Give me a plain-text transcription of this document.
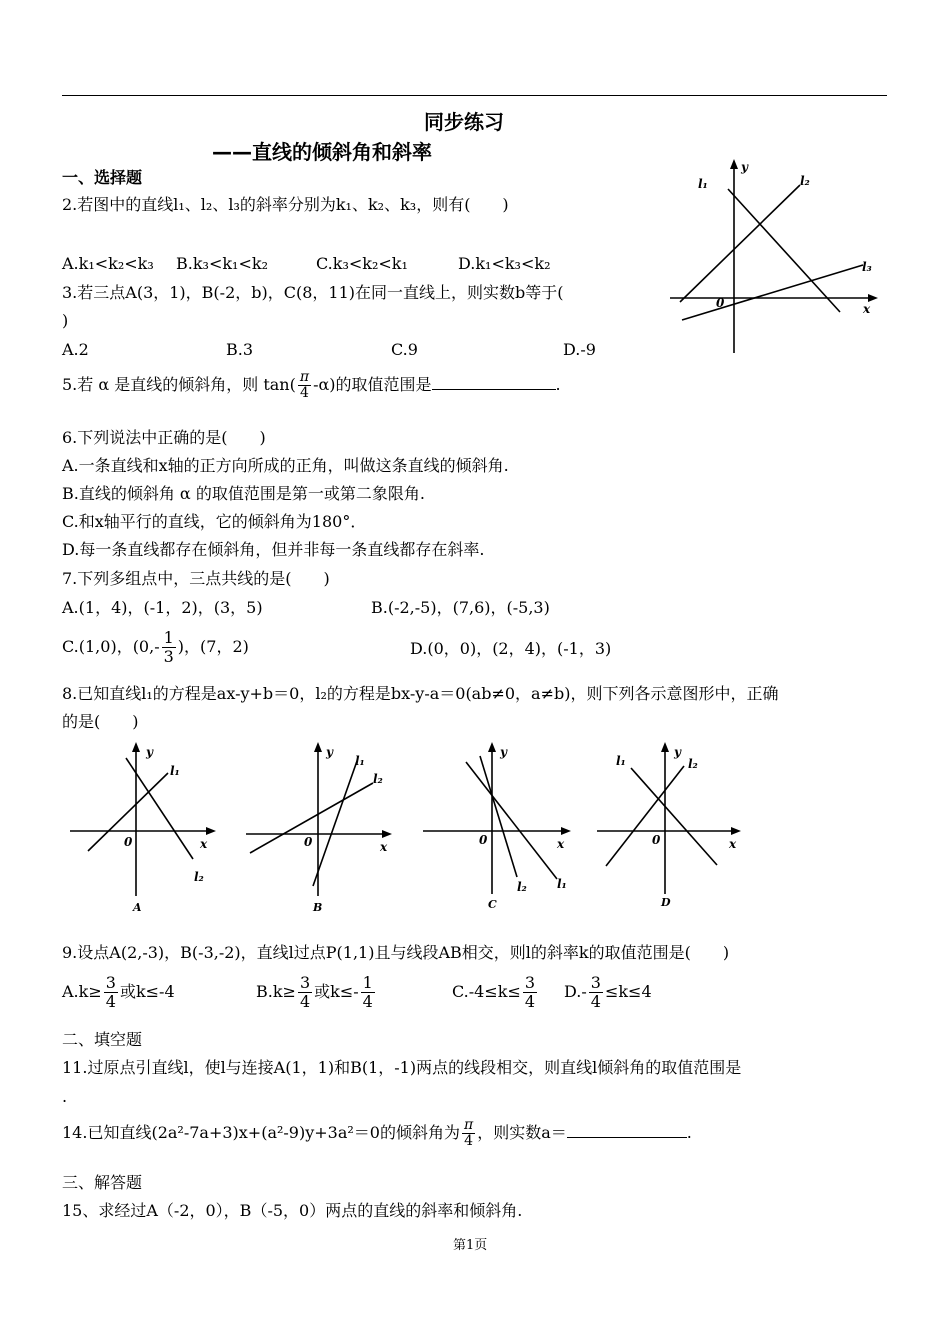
同步练习
——直线的倾斜角和斜率
一、选择题
2.若图中的直线l₁、l₂、l₃的斜率分别为k₁、k₂、k₃，则有(　　)
A.k₁<k₂<k₃ B.k₃<k₁<k₂	C.k₃<k₂<k₁	D.k₁<k₃<k₂
y
x
0
l₁	l₂
l₃
3.若三点A(3，1)，B(-2，b)，C(8，11)在同一直线上，则实数b等于(
)
A.2	B.3	C.9	D.-9
5.若 α 是直线的倾斜角，则 $\tan( \frac{\pi}{4} -\alpha)$的取值范围是	.
6.下列说法中正确的是(　　)
A.一条直线和x轴的正方向所成的正角，叫做这条直线的倾斜角.
B.直线的倾斜角 α 的取值范围是第一或第二象限角.
C.和x轴平行的直线，它的倾斜角为180°．
D.每一条直线都存在倾斜角，但并非每一条直线都存在斜率.
7.下列多组点中，三点共线的是(　　)
A.(1，4)，(-1，2)，(3，5)	B.(-2,-5)，(7,6)，(-5,3)
C.(1,0)，($0,- \frac{1}{3}$ )，(7，2)	D.(0，0)，(2，4)，(-1，3)
8.已知直线l₁的方程是ax-y+b＝0，l₂的方程是bx-y-a＝0(ab≠0，a≠b)，则下列各示意图形中，正确
的是(　　)
y
x
0
l₁
l₂
A
y
x
0
l₁
l₂
B
y
x
0
l₁
l₂
C
y
x
0
l₁	l₂
D
9.设点A(2,-3)，B(-3,-2)，直线l过点P(1,1)且与线段AB相交，则l的斜率k的取值范围是(　　)
$A.k\ge \frac{3}{4}$ 或k≤-4	$B.k\ge \frac{3}{4}$ 或$k\le- \frac{1}{4}$	$C.-4\le k\le \frac{3}{4} D.- \frac{3}{4} \le k\le 4$
二、填空题
11.过原点引直线l，使l与连接A(1，1)和B(1，-1)两点的线段相交，则直线l倾斜角的取值范围是
.
14.已知直线(2a²-7a+3)x+(a²-9)y+3a²＝0的倾斜角为 $\frac{\pi}{4}$ ，则实数a＝	.
三、解答题
15、求经过A（-2，0），B（-5，0）两点的直线的斜率和倾斜角.
第1页
